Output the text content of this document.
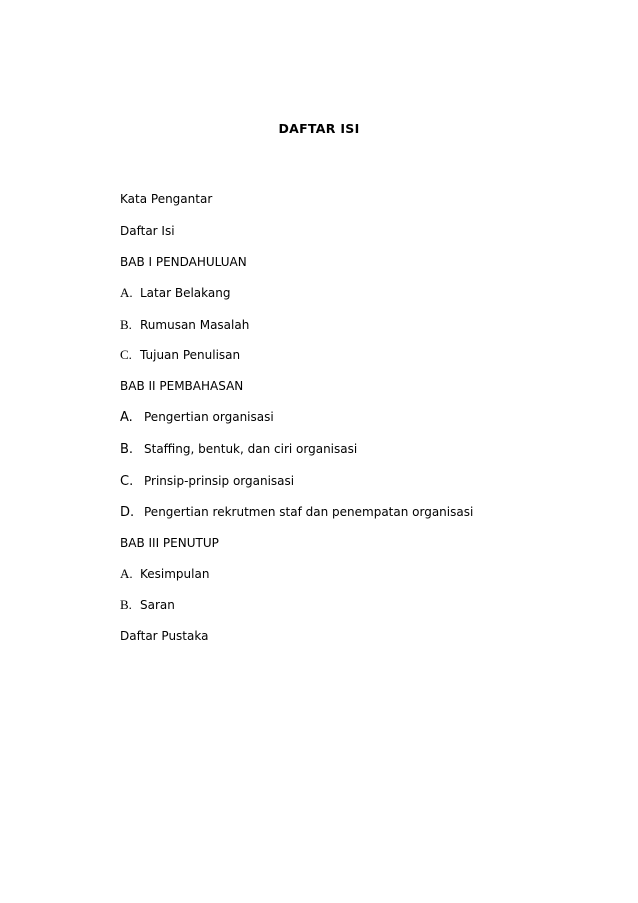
DAFTAR ISI
Kata Pengantar
Daftar Isi
BAB I PENDAHULUAN
A. Latar Belakang
B. Rumusan Masalah
C. Tujuan Penulisan
BAB II PEMBAHASAN
A. Pengertian organisasi
B. Staffing, bentuk, dan ciri organisasi
C. Prinsip-prinsip organisasi
D. Pengertian rekrutmen staf dan penempatan organisasi
BAB III PENUTUP
A. Kesimpulan
B. Saran
Daftar Pustaka
